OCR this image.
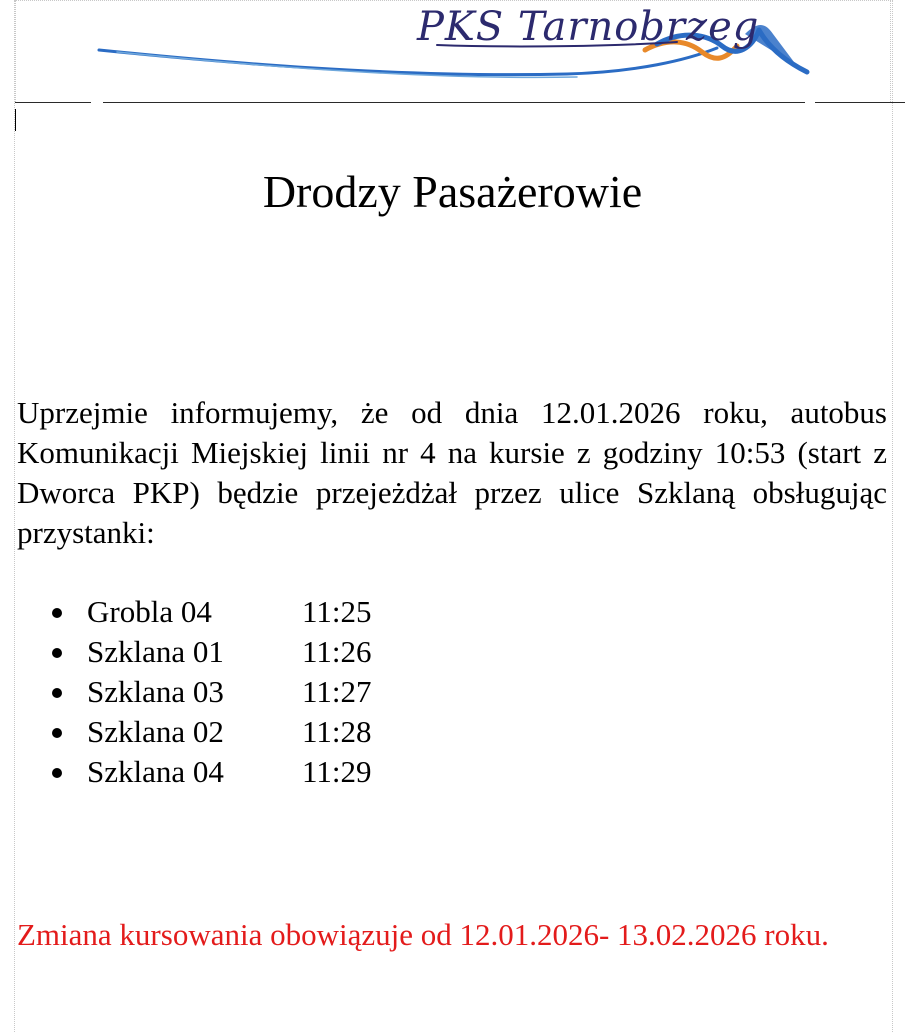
PKS Tarnobrzeg
Drodzy Pasażerowie
Uprzejmie informujemy, że od dnia 12.01.2026 roku, autobus Komunikacji Miejskiej linii nr 4 na kursie z godziny 10:53 (start z Dworca PKP) będzie przejeżdżał przez ulice Szklaną obsługując przystanki:
Grobla 04	11:25
Szklana 01	11:26
Szklana 03	11:27
Szklana 02	11:28
Szklana 04	11:29
Zmiana kursowania obowiązuje od 12.01.2026- 13.02.2026 roku.
